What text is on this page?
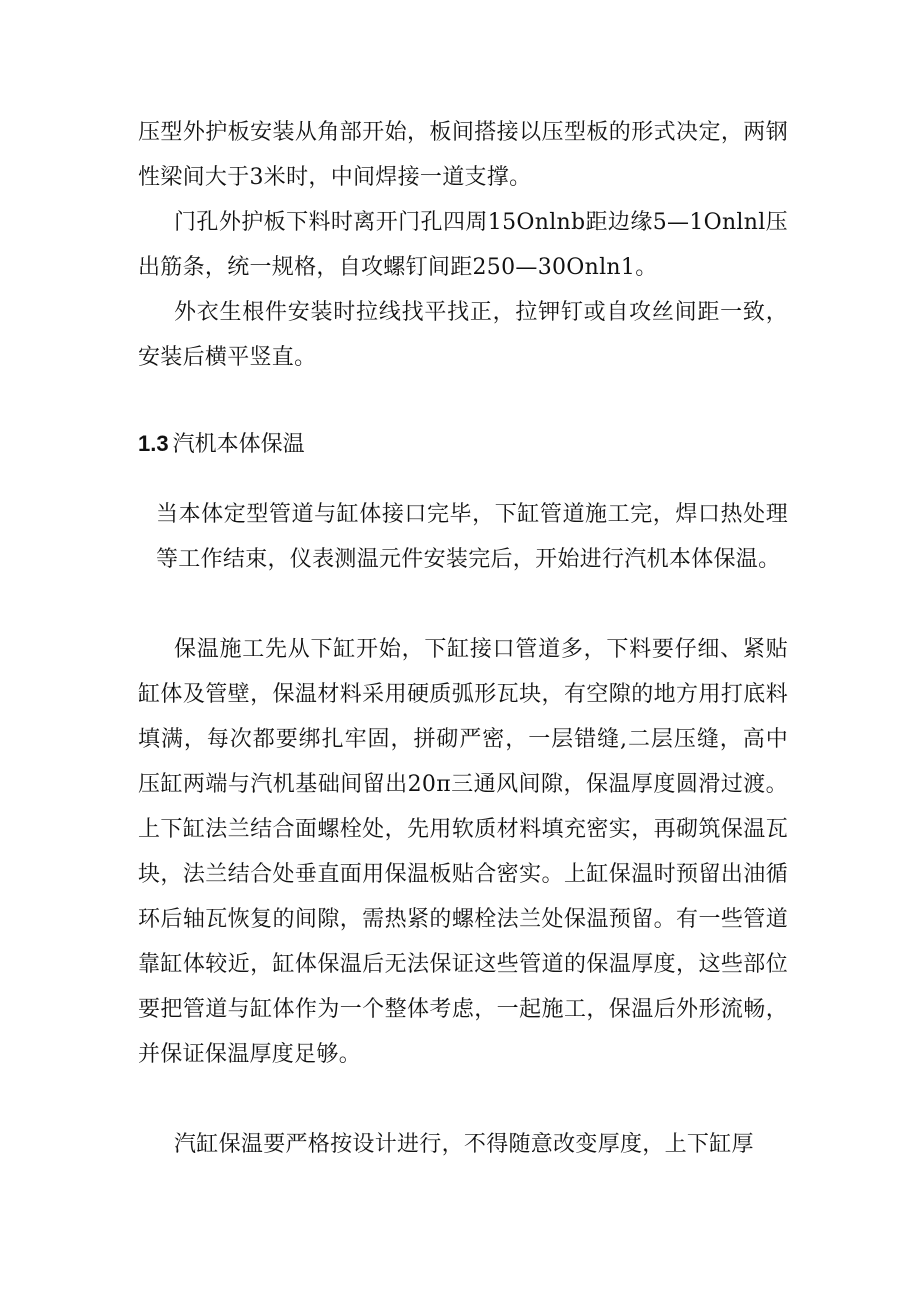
压型外护板安装从角部开始，板间搭接以压型板的形式决定，两钢性梁间大于3米时，中间焊接一道支撑。

门孔外护板下料时离开门孔四周15Onlnb距边缘5—1Onlnl压出筋条，统一规格，自攻螺钉间距250—30Onln1。

外衣生根件安装时拉线找平找正，拉钾钉或自攻丝间距一致，安装后横平竖直。

1.3 汽机本体保温

当本体定型管道与缸体接口完毕，下缸管道施工完，焊口热处理等工作结束，仪表测温元件安装完后，开始进行汽机本体保温。

保温施工先从下缸开始，下缸接口管道多，下料要仔细、紧贴缸体及管壁，保温材料采用硬质弧形瓦块，有空隙的地方用打底料填满，每次都要绑扎牢固，拼砌严密，一层错缝,二层压缝，高中压缸两端与汽机基础间留出20π三通风间隙，保温厚度圆滑过渡。上下缸法兰结合面螺栓处，先用软质材料填充密实，再砌筑保温瓦块，法兰结合处垂直面用保温板贴合密实。上缸保温时预留出油循环后轴瓦恢复的间隙，需热紧的螺栓法兰处保温预留。有一些管道靠缸体较近，缸体保温后无法保证这些管道的保温厚度，这些部位要把管道与缸体作为一个整体考虑，一起施工，保温后外形流畅，并保证保温厚度足够。

汽缸保温要严格按设计进行，不得随意改变厚度，上下缸厚
